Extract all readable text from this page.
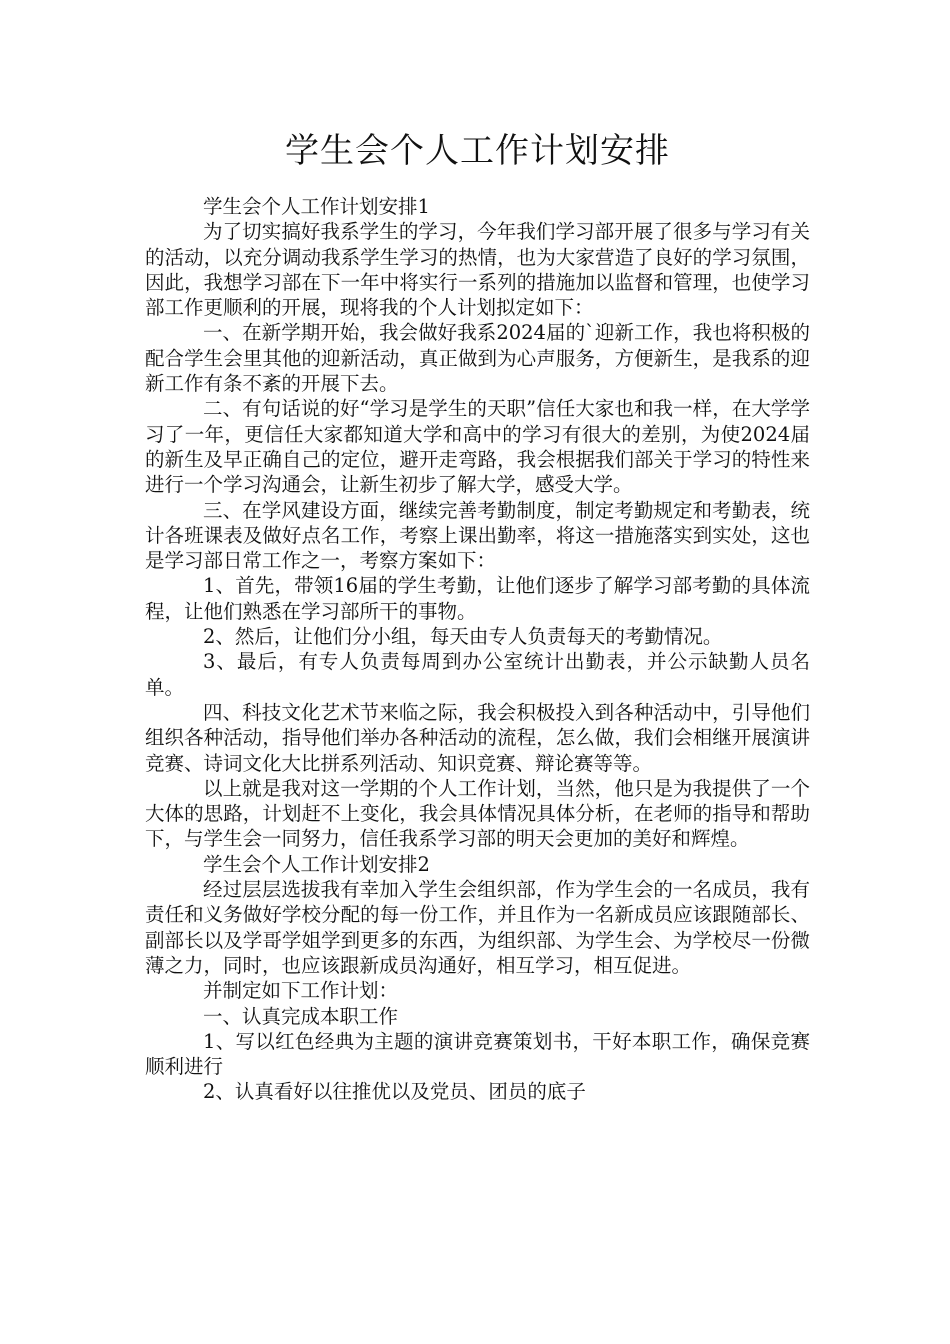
学生会个人工作计划安排

学生会个人工作计划安排1

为了切实搞好我系学生的学习，今年我们学习部开展了很多与学习有关的活动，以充分调动我系学生学习的热情，也为大家营造了良好的学习氛围，因此，我想学习部在下一年中将实行一系列的措施加以监督和管理，也使学习部工作更顺利的开展，现将我的个人计划拟定如下：

一、在新学期开始，我会做好我系2024届的`迎新工作，我也将积极的配合学生会里其他的迎新活动，真正做到为心声服务，方便新生，是我系的迎新工作有条不紊的开展下去。

二、有句话说的好“学习是学生的天职”信任大家也和我一样，在大学学习了一年，更信任大家都知道大学和高中的学习有很大的差别，为使2024届的新生及早正确自己的定位，避开走弯路，我会根据我们部关于学习的特性来进行一个学习沟通会，让新生初步了解大学，感受大学。

三、在学风建设方面，继续完善考勤制度，制定考勤规定和考勤表，统计各班课表及做好点名工作，考察上课出勤率，将这一措施落实到实处，这也是学习部日常工作之一，考察方案如下：

1、首先，带领16届的学生考勤，让他们逐步了解学习部考勤的具体流程，让他们熟悉在学习部所干的事物。

2、然后，让他们分小组，每天由专人负责每天的考勤情况。

3、最后，有专人负责每周到办公室统计出勤表，并公示缺勤人员名单。

四、科技文化艺术节来临之际，我会积极投入到各种活动中，引导他们组织各种活动，指导他们举办各种活动的流程，怎么做，我们会相继开展演讲竞赛、诗词文化大比拼系列活动、知识竞赛、辩论赛等等。

以上就是我对这一学期的个人工作计划，当然，他只是为我提供了一个大体的思路，计划赶不上变化，我会具体情况具体分析，在老师的指导和帮助下，与学生会一同努力，信任我系学习部的明天会更加的美好和辉煌。

学生会个人工作计划安排2

经过层层选拔我有幸加入学生会组织部，作为学生会的一名成员，我有责任和义务做好学校分配的每一份工作，并且作为一名新成员应该跟随部长、副部长以及学哥学姐学到更多的东西，为组织部、为学生会、为学校尽一份微薄之力，同时，也应该跟新成员沟通好，相互学习，相互促进。

并制定如下工作计划：

一、认真完成本职工作

1、写以红色经典为主题的演讲竞赛策划书，干好本职工作，确保竞赛顺利进行

2、认真看好以往推优以及党员、团员的底子
